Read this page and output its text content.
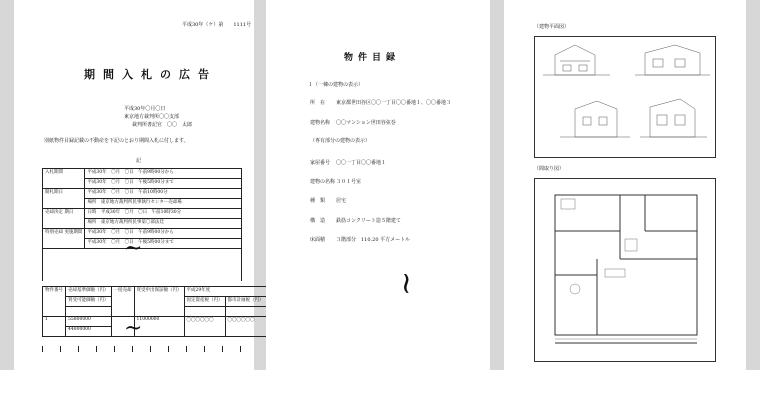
平成30年（ケ）第　　1111号
期間入札の広告
平成30年〇月〇日
東京地方裁判所〇〇支部
裁判所書記官　〇〇　太郎
別紙物件目録記載の不動産を下記のとおり期間入札に付します。
記
入札期間	平成30年　〇月　〇日　午前9時00分から
	平成30年　〇月　〇日　午後5時00分まで
開札期日	平成30年　〇月　〇日　午前10時00分
	場所　東京地方裁判所民事執行センター売却場
売却決定 期日	日時　平成30年　〇月　〇日　午前10時30分
	場所　東京地方裁判所民事第〇部法廷
特別売却 実施期間	平成30年　〇月　〇日　午前9時00分から
	平成30年　〇月　〇日　午後5時00分まで
~
物件番号	売却基準価額（円）	一括売却	買受申出保証額（円）	平成29年度	
	買受可能価額（円）			固定資産税（円）	都市計画税（円）

1	55800000		11000000	〇〇〇〇〇〇	〇〇〇〇〇〇
	44800000				~
物件目録
１（一棟の建物の表示）
所　在 東京都世田谷区〇〇一丁目〇〇番地１、〇〇番地３
建物名称 〇〇マンション世田谷弦巻
（専有部分の建物の表示）
家屋番号 〇〇一丁目〇〇番地１
建物の名称 ３０１号室
種　類 居宅
構　造 鉄筋コンクリート造５階建て
床面積 ３階部分　110.20 平方メートル
~
（建物平面図）
（間取り図）
